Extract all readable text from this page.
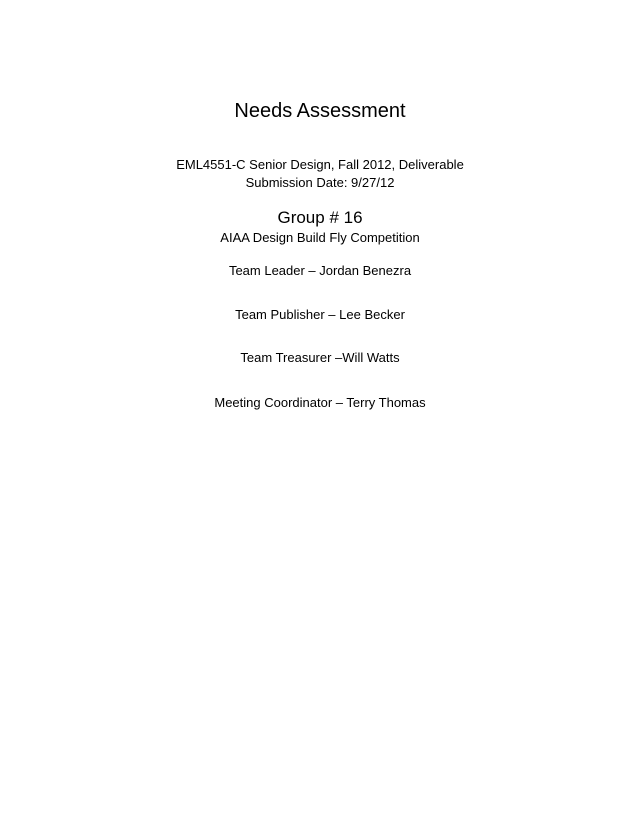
Needs Assessment
EML4551-C Senior Design, Fall 2012, Deliverable
Submission Date: 9/27/12
Group # 16
AIAA Design Build Fly Competition
Team Leader – Jordan Benezra
Team Publisher – Lee Becker
Team Treasurer –Will Watts
Meeting Coordinator – Terry Thomas
